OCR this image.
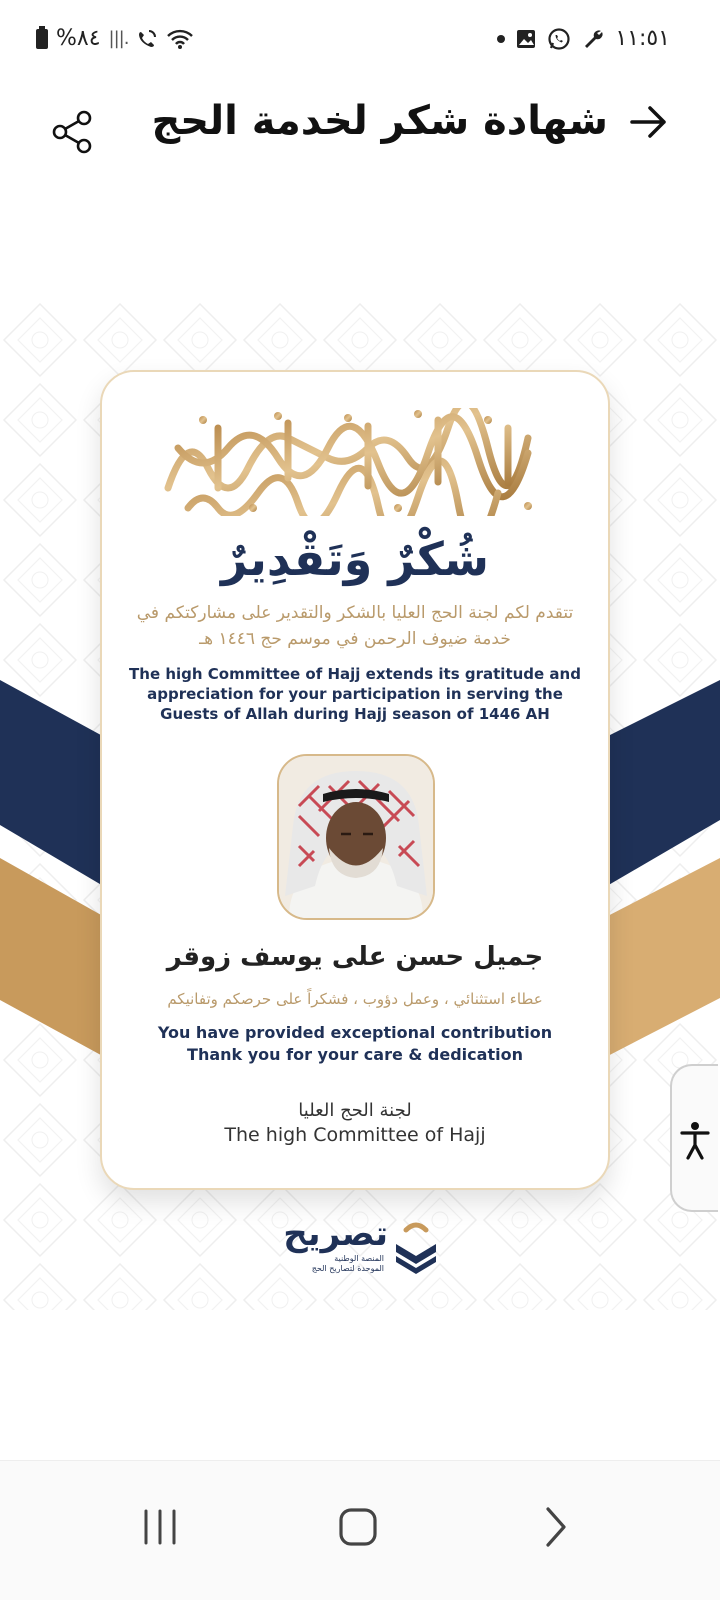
%٨٤ |||.	١١:٥١
شهادة شكر لخدمة الحج
شُكْرٌ وَتَقْدِيرٌ
تتقدم لكم لجنة الحج العليا بالشكر والتقدير على مشاركتكم في خدمة ضيوف الرحمن في موسم حج ١٤٤٦ هـ
The high Committee of Hajj extends its gratitude and appreciation for your participation in serving the Guests of Allah during Hajj season of 1446 AH
جميل حسن على يوسف زوقر
عطاء استثنائي ، وعمل دؤوب ، فشكراً على حرصكم وتفانيكم
You have provided exceptional contribution
Thank you for your care & dedication
لجنة الحج العليا
The high Committee of Hajj
تصريح
المنصة الوطنية
الموحدة لتصاريح الحج
